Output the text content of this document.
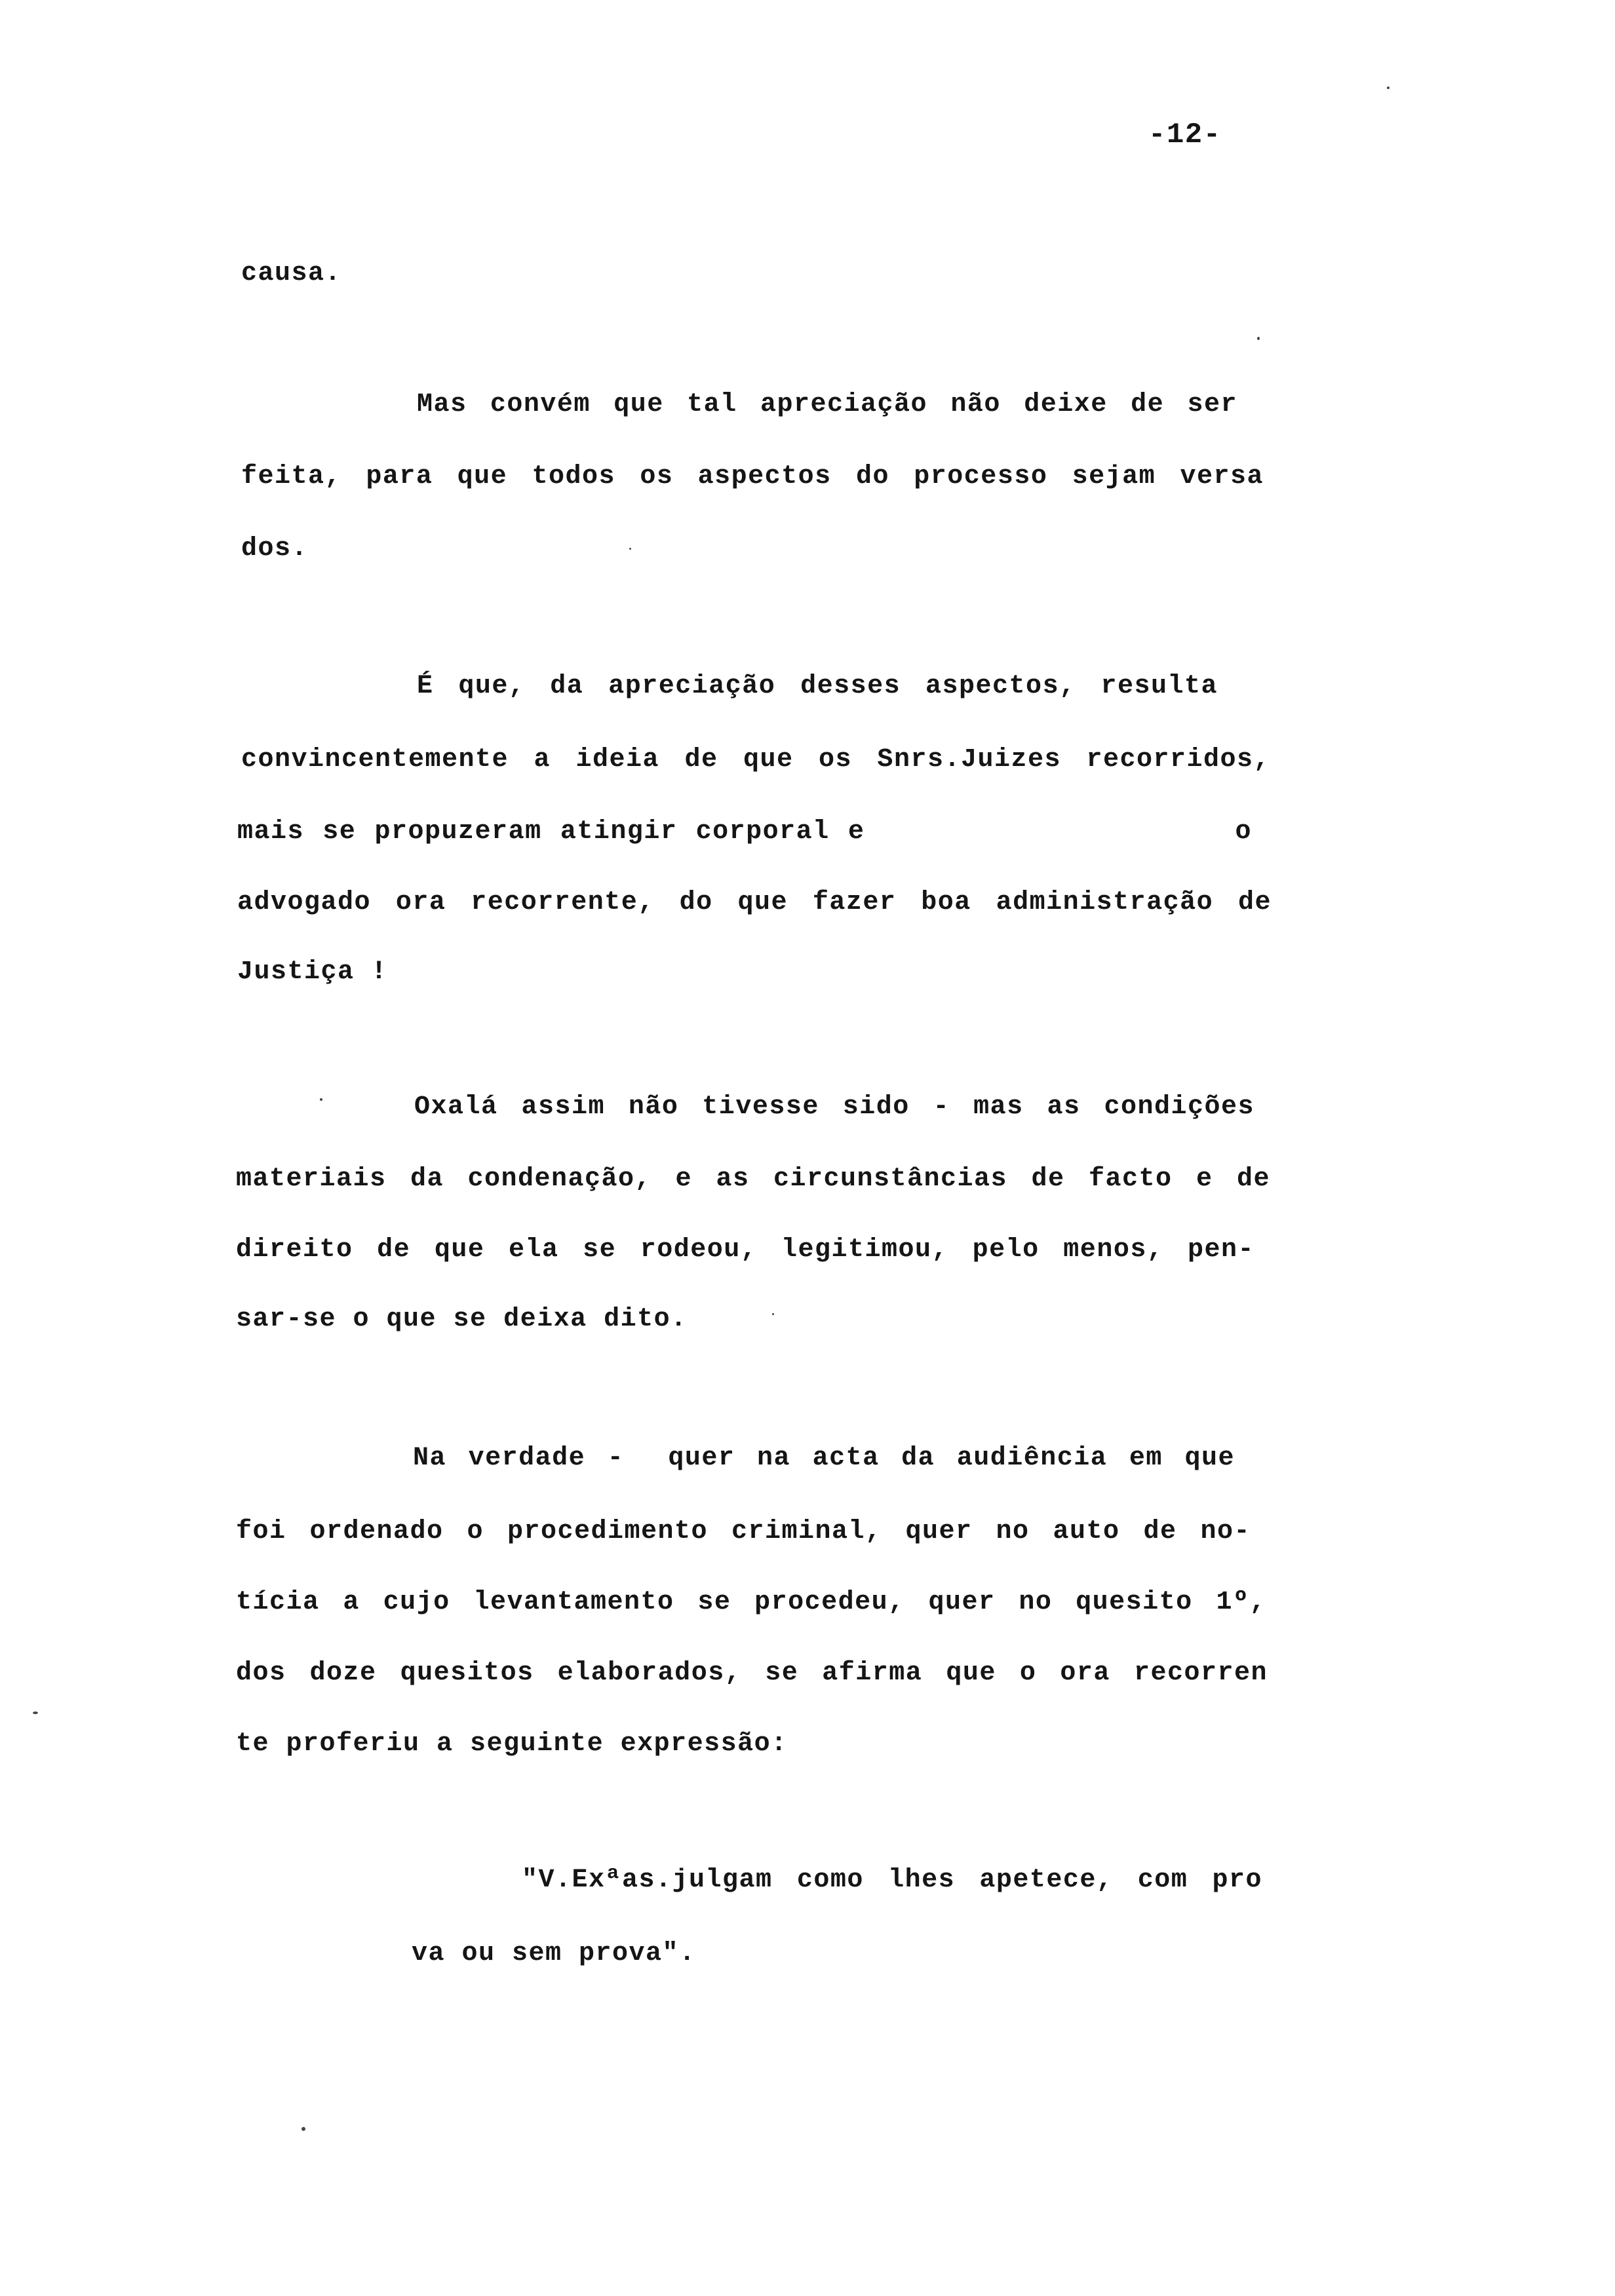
-12-
causa.
Mas convém que tal apreciação não deixe de ser
feita, para que todos os aspectos do processo sejam versa
dos.
É que, da apreciação desses aspectos, resulta
convincentemente a ideia de que os Snrs.Juizes recorridos,
mais se propuzeram atingir corporal e                    o
advogado ora recorrente, do que fazer boa administração de
Justiça !
Oxalá assim não tivesse sido - mas as condições
materiais da condenação, e as circunstâncias de facto e de
direito de que ela se rodeou, legitimou, pelo menos, pen-
sar-se o que se deixa dito.
Na verdade -  quer na acta da audiência em que
foi ordenado o procedimento criminal, quer no auto de no-
tícia a cujo levantamento se procedeu, quer no quesito 1º,
dos doze quesitos elaborados, se afirma que o ora recorren
te proferiu a seguinte expressão:
"V.Exªas.julgam como lhes apetece, com pro
va ou sem prova".
